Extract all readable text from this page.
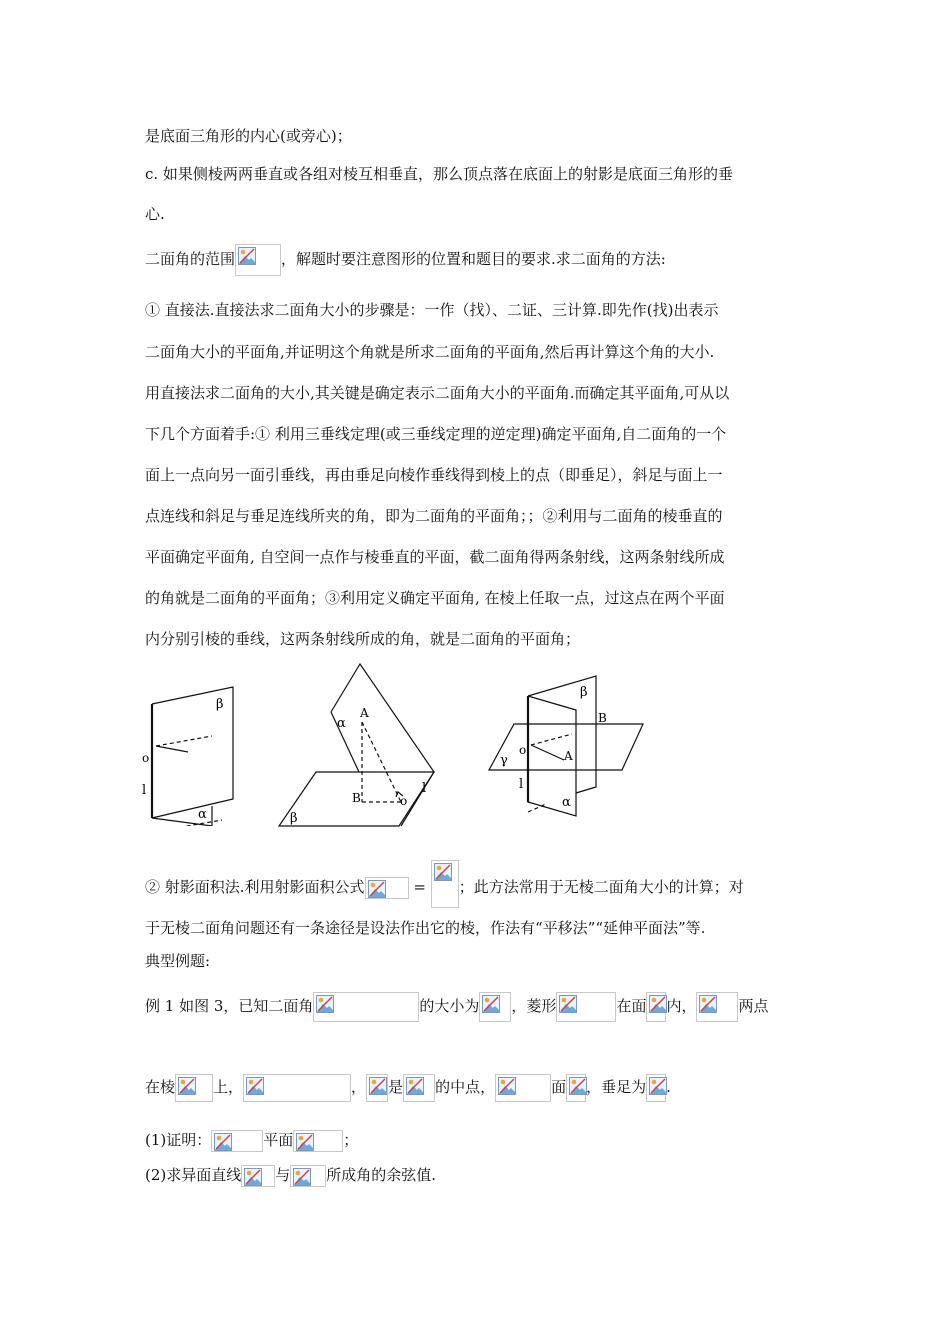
是底面三角形的内心(或旁心)；
c. 如果侧棱两两垂直或各组对棱互相垂直，那么顶点落在底面上的射影是底面三角形的垂
心.
二面角的范围	，解题时要注意图形的位置和题目的要求.求二面角的方法:
① 直接法.直接法求二面角大小的步骤是：一作（找）、二证、三计算.即先作(找)出表示
二面角大小的平面角,并证明这个角就是所求二面角的平面角,然后再计算这个角的大小.
用直接法求二面角的大小,其关键是确定表示二面角大小的平面角.而确定其平面角,可从以
下几个方面着手:① 利用三垂线定理(或三垂线定理的逆定理)确定平面角,自二面角的一个
面上一点向另一面引垂线，再由垂足向棱作垂线得到棱上的点（即垂足），斜足与面上一
点连线和斜足与垂足连线所夹的角，即为二面角的平面角；；②利用与二面角的棱垂直的
平面确定平面角, 自空间一点作与棱垂直的平面，截二面角得两条射线，这两条射线所成
的角就是二面角的平面角；③利用定义确定平面角, 在棱上任取一点，过这点在两个平面
内分别引棱的垂线，这两条射线所成的角，就是二面角的平面角；
β
o
l
α
A
α
B	o
l
β
β
B
γ
o	A
l
α
② 射影面积法.利用射影面积公式	= ；此方法常用于无棱二面角大小的计算；对
于无棱二面角问题还有一条途径是设法作出它的棱，作法有“平移法”“延伸平面法”等.
典型例题:
例 1 如图 3，已知二面角	的大小为 ，菱形	在面 内，	两点
在棱	上，	， 是 的中点，	面 ，垂足为 .
(1)证明：	平面	；
(2)求异面直线 与 所成角的余弦值.
